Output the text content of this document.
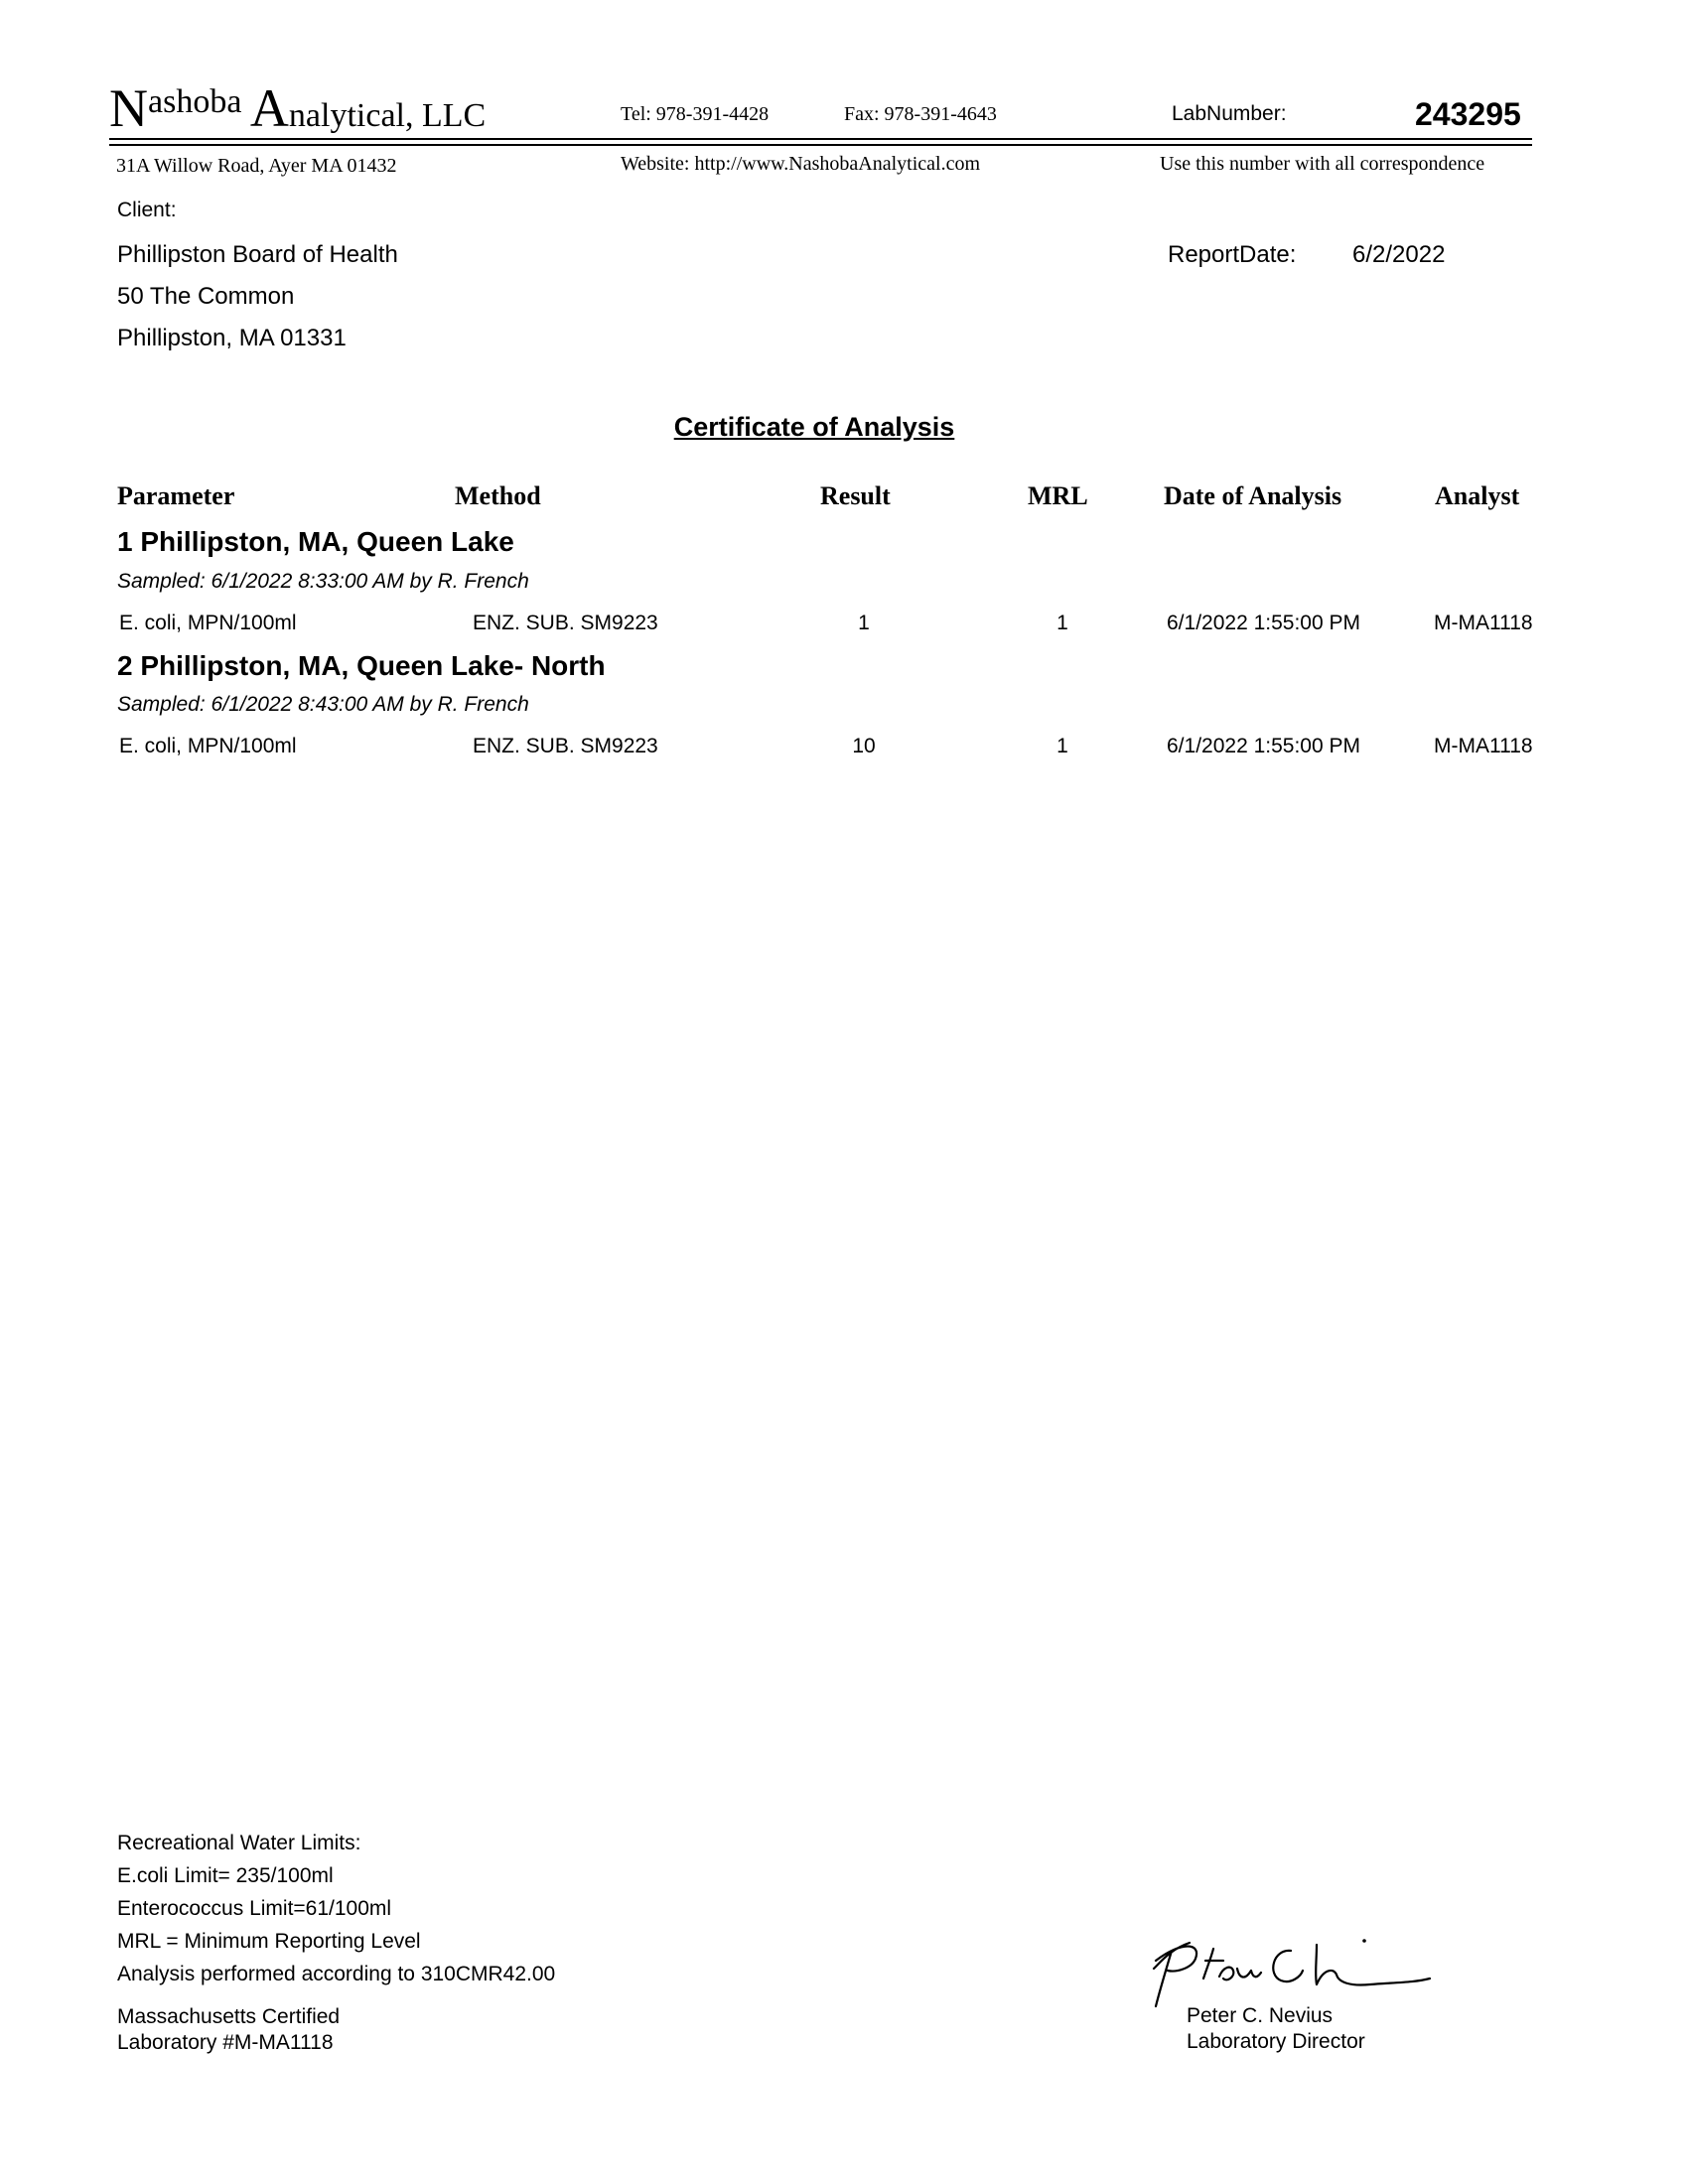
Nashoba Analytical, LLC	Tel: 978-391-4428	Fax: 978-391-4643	LabNumber:	243295
31A Willow Road, Ayer MA 01432	Website: http://www.NashobaAnalytical.com	Use this number with all correspondence
Client:
Phillipston Board of Health
50 The Common
Phillipston, MA 01331
ReportDate: 6/2/2022
Certificate of Analysis
Parameter	Method	Result	MRL	Date of Analysis	Analyst
1 Phillipston, MA, Queen Lake
Sampled: 6/1/2022 8:33:00 AM by R. French
E. coli, MPN/100ml	ENZ. SUB. SM9223	1	1	6/1/2022 1:55:00 PM	M-MA1118
2 Phillipston, MA, Queen Lake- North
Sampled: 6/1/2022 8:43:00 AM by R. French
E. coli, MPN/100ml	ENZ. SUB. SM9223	10	1	6/1/2022 1:55:00 PM	M-MA1118
Recreational Water Limits:
E.coli Limit= 235/100ml
Enterococcus Limit=61/100ml
MRL = Minimum Reporting Level
Analysis performed according to 310CMR42.00
Massachusetts Certified
Laboratory #M-MA1118
Peter C. Nevius
Laboratory Director
